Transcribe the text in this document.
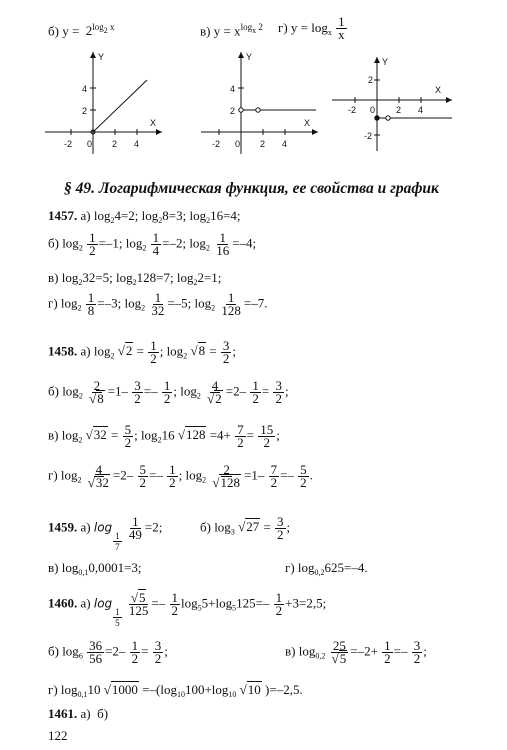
б) $y = 2^{log_2 x}$	в) $y = x^{log_x 2}$ г) $y = \log_x \frac{1}{x}$
Y
X
4
2
-2 0 2 4
Y
X
4
2
-2 0 2 4
Y
X
2
-2
-2 0 2 4
§ 49. Логарифмическая функция, ее свойства и график
1457. а) $\log_24=2$; $\log_28=3$; $\log_216=4$;
б) $\log_2 \frac{1}{2} =-1$; $\log_2 \frac{1}{4} =-2$; $\log_2 \frac{1}{16} =-4$;
в) $\log_232=5$; $\log_2128=7$; $\log_22=1$;
г) $\log_2 \frac{1}{8} =-3$; $\log_2 \frac{1}{32} =-5$; $\log_2 \frac{1}{128} =-7$.
1458. а) $\log_2 √2 = \frac{1}{2}$ ; $\log_2 √8 = \frac{3}{2}$ ;
б) $\log_2 \frac{2}{√8} =1- \frac{3}{2} =- \frac{1}{2}$ ; $\log_2 \frac{4}{√2} =2- \frac{1}{2} = \frac{3}{2}$ ;
в) $\log_2 √32 = \frac{5}{2}$ ; $\log_216$ $√128 =4+ \frac{7}{2} = \frac{15}{2}$ ;
г) $\log_2 \frac{4}{√32} =2- \frac{5}{2} =- \frac{1}{2}$ ; $\log_2 \frac{2}{√128} =1- \frac{7}{2} =- \frac{5}{2}$ .
1459. а) log
$\frac{1}{7}$

$\frac{1}{49} =2$;	б) $\log_3 √27 = \frac{3}{2}$ ;
в) $\log_{0,1}0,0001=3$;	г) $\log_{0,2}625=-4$.
1460. а) log
$\frac{1}{5}$

$\frac{√5}{125} =- \frac{1}{2} \log_55+\log_5125=- \frac{1}{2} +3=2,5$;
б) $\log_6 \frac{36}{56} =2- \frac{1}{2} = \frac{3}{2}$ ;	в) $\log_{0,2} \frac{25}{√5} =-2+ \frac{1}{2} =- \frac{3}{2}$ ;
г) $\log_{0,1}10$ $√1000 =-(\log_{10}100+\log_{10}$ √10 )=–2,5.
1461. а) б)
122
